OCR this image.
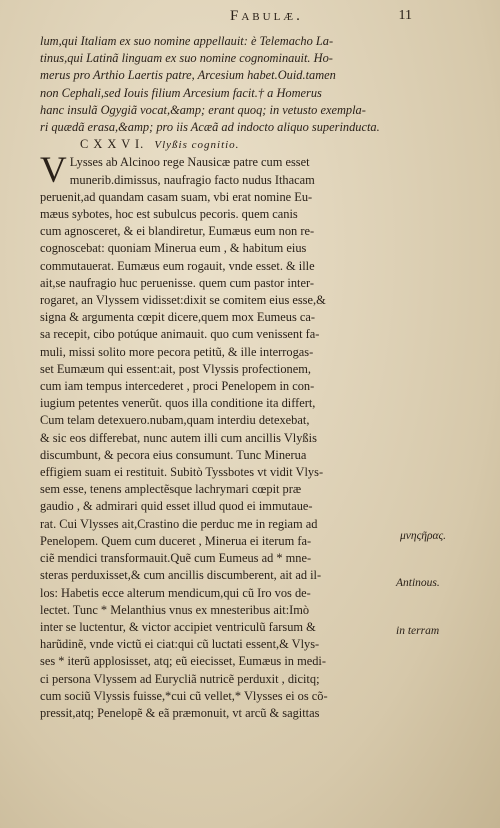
Fabulæ.	11
lum,qui Italiam ex suo nomine appellauit: è Telemacho La-
tinus,qui Latinã linguam ex suo nomine cognominauit. Ho-
merus pro Arthio Laertis patre, Arcesium habet.Ouid.tamen
non Cephali,sed Iouis filium Arcesium facit.† a Homerus
hanc insulã Ogygiã vocat,&amp; erant quoq; in vetusto exempla-
ri quædã erasa,&amp; pro iis Acæã ad indocto aliquo superinducta.
C X X V I. Vlyßis cognitio.
V Lysses ab Alcinoo rege Nausicæ patre cum esset
munerib.dimissus, naufragio facto nudus Ithacam
peruenit,ad quandam casam suam, vbi erat nomine Eu-
mæus sybotes, hoc est subulcus pecoris. quem canis
cum agnosceret, & ei blandiretur, Eumæus eum non re-
cognoscebat: quoniam Minerua eum , & habitum eius
commutauerat. Eumæus eum rogauit, vnde esset. & ille
ait,se naufragio huc peruenisse. quem cum pastor inter-
rogaret, an Vlyssem vidisset:dixit se comitem eius esse,&
signa & argumenta cœpit dicere,quem mox Eumeus ca-
sa recepit, cibo potúque animauit. quo cum venissent fa-
muli, missi solito more pecora petitũ, & ille interrogas-
set Eumæum qui essent:ait, post Vlyssis profectionem,
cum iam tempus intercederet , proci Penelopem in con-
iugium petentes venerũt. quos illa conditione ita differt,
Cum telam detexuero.nubam,quam interdiu detexebat,
& sic eos differebat, nunc autem illi cum ancillis Vlyßis
discumbunt, & pecora eius consumunt. Tunc Minerua
effigiem suam ei restituit. Subitò Tyssbotes vt vidit Vlys-
sem esse, tenens amplectẽsque lachrymari cœpit præ
gaudio , & admirari quid esset illud quod ei immutaue-
rat. Cui Vlysses ait,Crastino die perduc me in regiam ad
Penelopem. Quem cum duceret , Minerua ei iterum fa-
ciẽ mendici transformauit.Quẽ cum Eumeus ad * mne-
steras perduxisset,& cum ancillis discumberent, ait ad il-
los: Habetis ecce alterum mendicum,qui cũ Iro vos de-
lectet. Tunc * Melanthius vnus ex mnesteribus ait:Imò
inter se luctentur, & victor accipiet ventriculũ farsum &
harũdinẽ, vnde victũ ei ciat:qui cũ luctati essent,& Vlys-
ses * iterũ applosisset, atq; eũ eiecisset, Eumæus in medi-
ci persona Vlyssem ad Eurycliã nutricẽ perduxit , dicitq;
cum sociũ Vlyssis fuisse,*cui cũ vellet,* Vlysses ei os cõ-
pressit,atq; Penelopẽ & eã præmonuit, vt arcũ & sagittas
μνηςῆρας.
Antinous.
in terram
